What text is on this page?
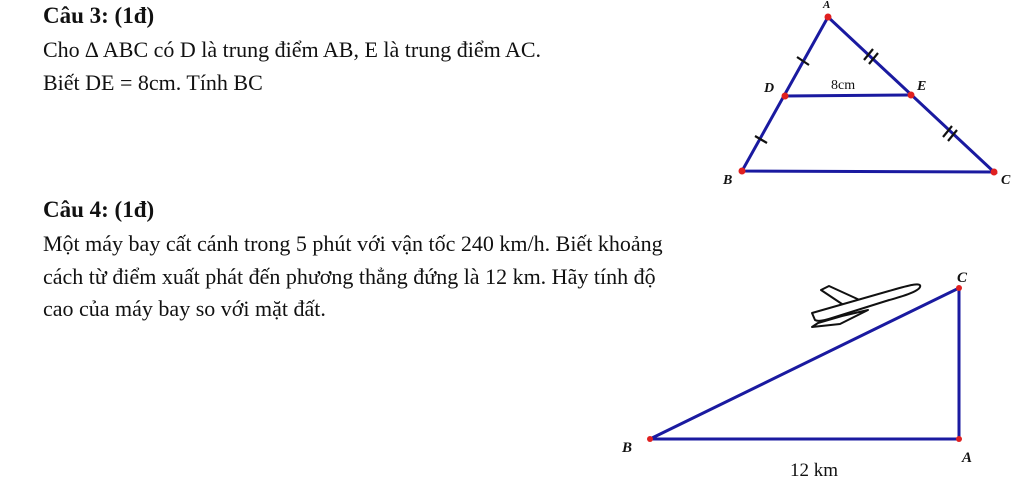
Câu 3: (1đ)
Cho ∆ ABC có D là trung điểm AB, E là trung điểm AC.
Biết DE = 8cm. Tính BC
Câu 4: (1đ)
Một máy bay cất cánh trong 5 phút với vận tốc 240 km/h. Biết khoảng
cách từ điểm xuất phát đến phương thẳng đứng là 12 km. Hãy tính độ
cao của máy bay so với mặt đất.
A
B	C
D	E
8cm
B
A
C
12 km
